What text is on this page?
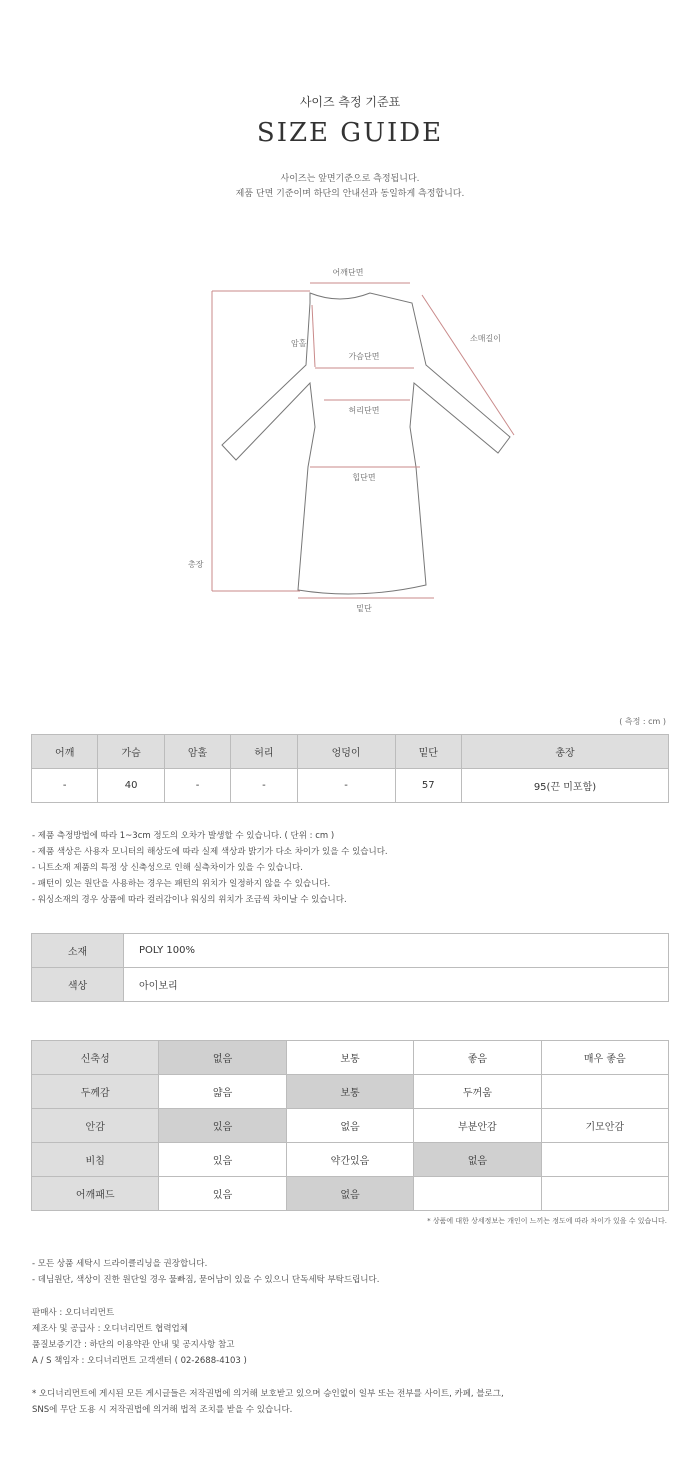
사이즈 측정 기준표
SIZE GUIDE
사이즈는 앞면기준으로 측정됩니다.
제품 단면 기준이며 하단의 안내선과 동일하게 측정합니다.
어깨단면
소매길이
암홀
가슴단면
허리단면
힙단면
총장
밑단
( 측정 : cm )
어깨	가슴	암홀	허리	엉덩이	밑단	총장
-	40	-	-	-	57	95(끈 미포함)
- 제품 측정방법에 따라 1~3cm 정도의 오차가 발생할 수 있습니다. ( 단위 : cm )
- 제품 색상은 사용자 모니터의 해상도에 따라 실제 색상과 밝기가 다소 차이가 있을 수 있습니다.
- 니트소재 제품의 특정 상 신축성으로 인해 실측차이가 있을 수 있습니다.
- 패턴이 있는 원단을 사용하는 경우는 패턴의 위치가 일정하지 않을 수 있습니다.
- 워싱소재의 경우 상품에 따라 컬러감이나 워싱의 위치가 조금씩 차이날 수 있습니다.
소재	POLY 100%
색상	아이보리
신축성	없음	보통	좋음	매우 좋음
두께감	얇음	보통	두꺼움	
안감	있음	없음	부분안감	기모안감
비침	있음	약간있음	없음	
어깨패드	있음	없음		
* 상품에 대한 상세정보는 개인이 느끼는 정도에 따라 차이가 있을 수 있습니다.
- 모든 상품 세탁시 드라이클리닝을 권장합니다.
- 데님원단, 색상이 진한 원단일 경우 물빠짐, 묻어남이 있을 수 있으니 단독세탁 부탁드립니다.
판매사 : 오디너리먼트
제조사 및 공급사 : 오디너리먼트 협력업체
품질보증기간 : 하단의 이용약관 안내 및 공지사항 참고
A / S 책임자 : 오디너리먼트 고객센터 ( 02-2688-4103 )
* 오디너리먼트에 게시된 모든 게시글들은 저작권법에 의거해 보호받고 있으며 승인없이 일부 또는 전부를 사이트, 카페, 블로그,
SNS에 무단 도용 시 저작권법에 의거해 법적 조치를 받을 수 있습니다.
